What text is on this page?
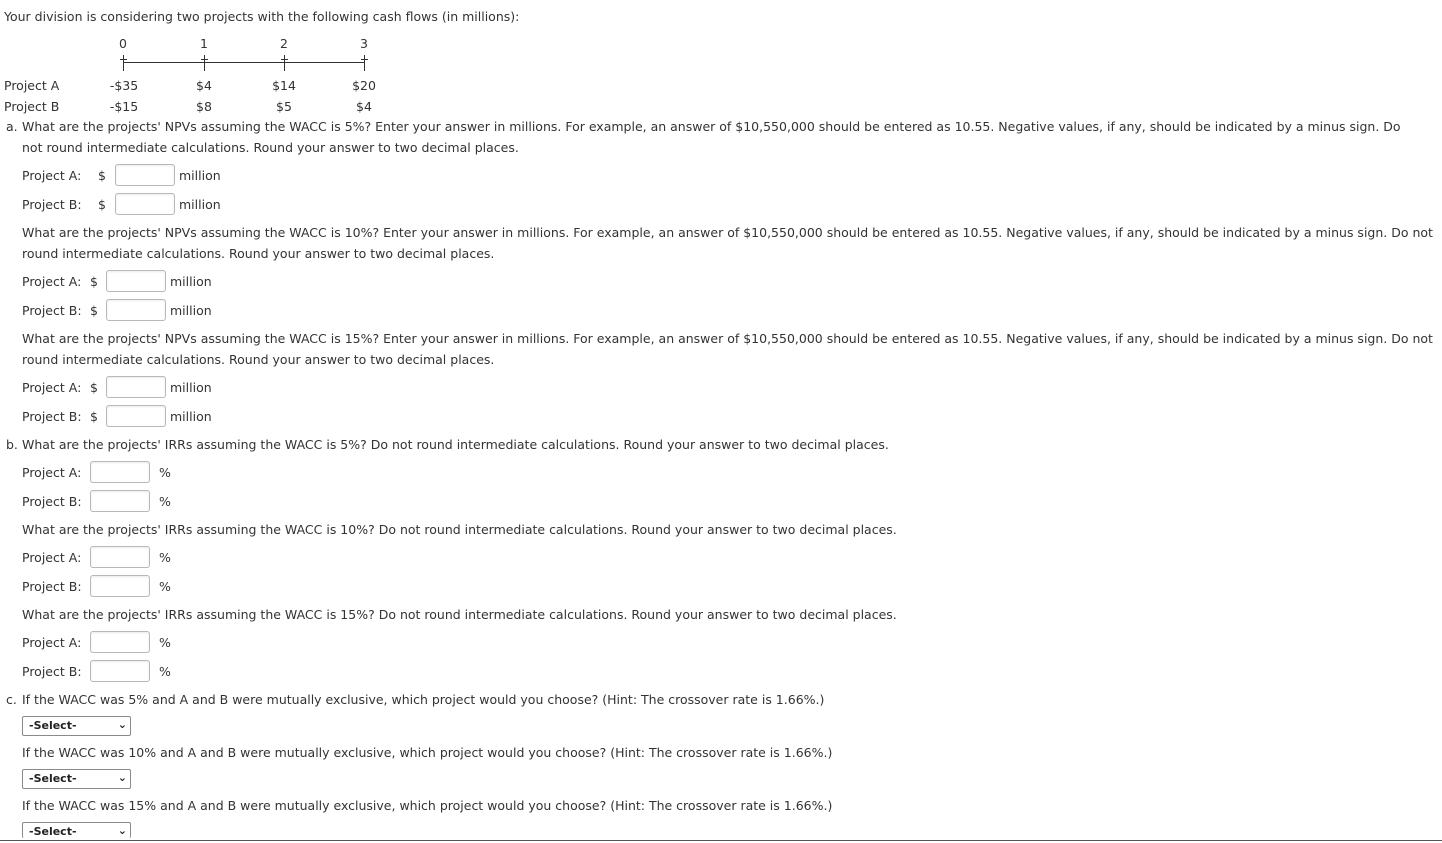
Your division is considering two projects with the following cash flows (in millions):
0	1	2	3
Project A	-$35	$4	$14	$20
Project B	-$15	$8	$5	$4
a. What are the projects' NPVs assuming the WACC is 5%? Enter your answer in millions. For example, an answer of $10,550,000 should be entered as 10.55. Negative values, if any, should be indicated by a minus sign. Do not round intermediate calculations. Round your answer to two decimal places.
Project A: $	million
Project B: $	million
What are the projects' NPVs assuming the WACC is 10%? Enter your answer in millions. For example, an answer of $10,550,000 should be entered as 10.55. Negative values, if any, should be indicated by a minus sign. Do not round intermediate calculations. Round your answer to two decimal places.
Project A: $	million
Project B: $	million
What are the projects' NPVs assuming the WACC is 15%? Enter your answer in millions. For example, an answer of $10,550,000 should be entered as 10.55. Negative values, if any, should be indicated by a minus sign. Do not round intermediate calculations. Round your answer to two decimal places.
Project A: $	million
Project B: $	million
b. What are the projects' IRRs assuming the WACC is 5%? Do not round intermediate calculations. Round your answer to two decimal places.
Project A:	%
Project B:	%
What are the projects' IRRs assuming the WACC is 10%? Do not round intermediate calculations. Round your answer to two decimal places.
Project A:	%
Project B:	%
What are the projects' IRRs assuming the WACC is 15%? Do not round intermediate calculations. Round your answer to two decimal places.
Project A:	%
Project B:	%
c. If the WACC was 5% and A and B were mutually exclusive, which project would you choose? (Hint: The crossover rate is 1.66%.)
-Select-	⌄
If the WACC was 10% and A and B were mutually exclusive, which project would you choose? (Hint: The crossover rate is 1.66%.)
-Select-	⌄
If the WACC was 15% and A and B were mutually exclusive, which project would you choose? (Hint: The crossover rate is 1.66%.)
-Select-	⌄
